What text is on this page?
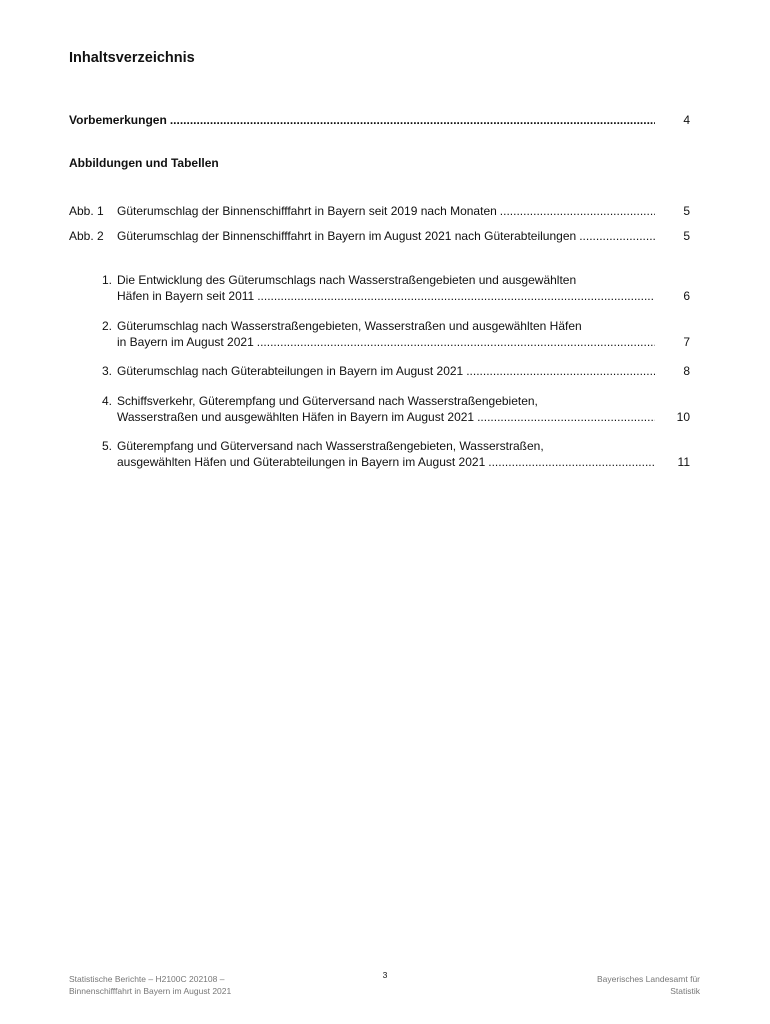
Inhaltsverzeichnis
Vorbemerkungen .....	4
Abbildungen und Tabellen
Abb. 1 Güterumschlag der Binnenschifffahrt in Bayern seit 2019 nach Monaten .....	5
Abb. 2 Güterumschlag der Binnenschifffahrt in Bayern im August 2021 nach Güterabteilungen .....	5
1. Die Entwicklung des Güterumschlags nach Wasserstraßengebieten und ausgewählten
Häfen in Bayern seit 2011 .....	6
2. Güterumschlag nach Wasserstraßengebieten, Wasserstraßen und ausgewählten Häfen
in Bayern im August 2021 .....	7
3. Güterumschlag nach Güterabteilungen in Bayern im August 2021 .....	8
4. Schiffsverkehr, Güterempfang und Güterversand nach Wasserstraßengebieten,
Wasserstraßen und ausgewählten Häfen in Bayern im August 2021 .....	10
5. Güterempfang und Güterversand nach Wasserstraßengebieten, Wasserstraßen,
ausgewählten Häfen und Güterabteilungen in Bayern im August 2021 .....	11
Statistische Berichte – H2100C 202108 –
Binnenschifffahrt in Bayern im August 2021
3	Bayerisches Landesamt für
Statistik
